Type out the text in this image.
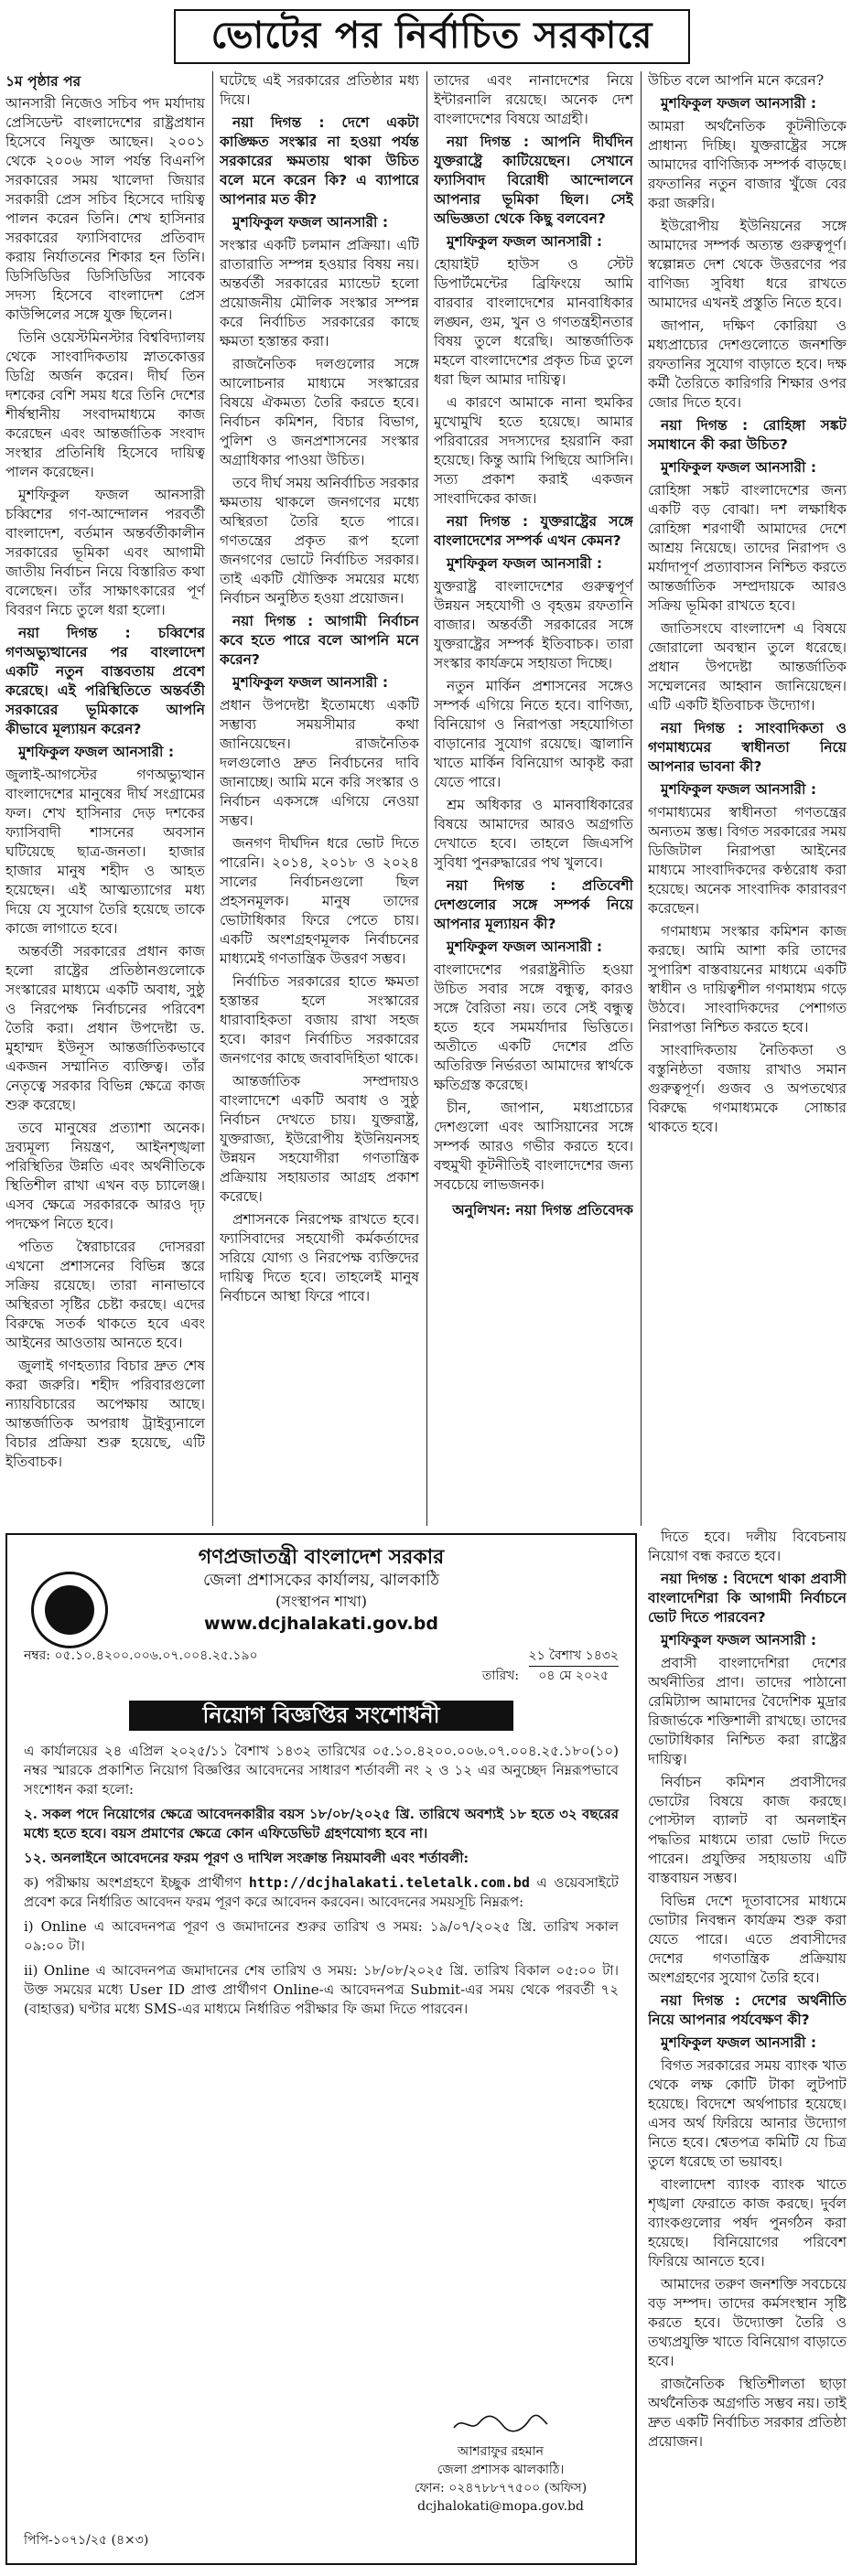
ভোটের পর নির্বাচিত সরকারে

১ম পৃষ্ঠার পর

আনসারী নিজেও সচিব পদ মর্যাদায় প্রেসিডেন্ট বাংলাদেশের রাষ্ট্রপ্রধান হিসেবে নিযুক্ত আছেন। ২০০১ থেকে ২০০৬ সাল পর্যন্ত বিএনপি সরকারের সময় খালেদা জিয়ার সরকারী প্রেস সচিব হিসেবে দায়িত্ব পালন করেন তিনি। শেখ হাসিনার সরকারের ফ্যাসিবাদের প্রতিবাদ করায় নির্যাতনের শিকার হন তিনি। ডিসিডিডির ডিসিডিডির সাবেক সদস্য হিসেবে বাংলাদেশ প্রেস কাউন্সিলের সঙ্গে যুক্ত ছিলেন।

তিনি ওয়েস্টমিনস্টার বিশ্ববিদ্যালয় থেকে সাংবাদিকতায় স্নাতকোত্তর ডিগ্রি অর্জন করেন। দীর্ঘ তিন দশকের বেশি সময় ধরে তিনি দেশের শীর্ষস্থানীয় সংবাদমাধ্যমে কাজ করেছেন এবং আন্তর্জাতিক সংবাদ সংস্থার প্রতিনিধি হিসেবে দায়িত্ব পালন করেছেন।

মুশফিকুল ফজল আনসারী চব্বিশের গণ-আন্দোলন পরবর্তী বাংলাদেশ, বর্তমান অন্তর্বর্তীকালীন সরকারের ভূমিকা এবং আগামী জাতীয় নির্বাচন নিয়ে বিস্তারিত কথা বলেছেন। তাঁর সাক্ষাৎকারের পূর্ণ বিবরণ নিচে তুলে ধরা হলো।

নয়া দিগন্ত : চব্বিশের গণঅভ্যুত্থানের পর বাংলাদেশ একটি নতুন বাস্তবতায় প্রবেশ করেছে। এই পরিস্থিতিতে অন্তর্বর্তী সরকারের ভূমিকাকে আপনি কীভাবে মূল্যায়ন করেন?

মুশফিকুল ফজল আনসারী :

জুলাই-আগস্টের গণঅভ্যুত্থান বাংলাদেশের মানুষের দীর্ঘ সংগ্রামের ফল। শেখ হাসিনার দেড় দশকের ফ্যাসিবাদী শাসনের অবসান ঘটিয়েছে ছাত্র-জনতা। হাজার হাজার মানুষ শহীদ ও আহত হয়েছেন। এই আত্মত্যাগের মধ্য দিয়ে যে সুযোগ তৈরি হয়েছে তাকে কাজে লাগাতে হবে।

অন্তর্বর্তী সরকারের প্রধান কাজ হলো রাষ্ট্রের প্রতিষ্ঠানগুলোকে সংস্কারের মাধ্যমে একটি অবাধ, সুষ্ঠু ও নিরপেক্ষ নির্বাচনের পরিবেশ তৈরি করা। প্রধান উপদেষ্টা ড. মুহাম্মদ ইউনূস আন্তর্জাতিকভাবে একজন সম্মানিত ব্যক্তিত্ব। তাঁর নেতৃত্বে সরকার বিভিন্ন ক্ষেত্রে কাজ শুরু করেছে।

তবে মানুষের প্রত্যাশা অনেক। দ্রব্যমূল্য নিয়ন্ত্রণ, আইনশৃঙ্খলা পরিস্থিতির উন্নতি এবং অর্থনীতিকে স্থিতিশীল রাখা এখন বড় চ্যালেঞ্জ। এসব ক্ষেত্রে সরকারকে আরও দৃঢ় পদক্ষেপ নিতে হবে।

পতিত স্বৈরাচারের দোসররা এখনো প্রশাসনের বিভিন্ন স্তরে সক্রিয় রয়েছে। তারা নানাভাবে অস্থিরতা সৃষ্টির চেষ্টা করছে। এদের বিরুদ্ধে সতর্ক থাকতে হবে এবং আইনের আওতায় আনতে হবে।

জুলাই গণহত্যার বিচার দ্রুত শেষ করা জরুরি। শহীদ পরিবারগুলো ন্যায়বিচারের অপেক্ষায় আছে। আন্তর্জাতিক অপরাধ ট্রাইব্যুনালে বিচার প্রক্রিয়া শুরু হয়েছে, এটি ইতিবাচক।

ঘটেছে এই সরকারের প্রতিষ্ঠার মধ্য দিয়ে।

নয়া দিগন্ত : দেশে একটা কাঙ্ক্ষিত সংস্কার না হওয়া পর্যন্ত সরকারের ক্ষমতায় থাকা উচিত বলে মনে করেন কি? এ ব্যাপারে আপনার মত কী?

মুশফিকুল ফজল আনসারী :

সংস্কার একটি চলমান প্রক্রিয়া। এটি রাতারাতি সম্পন্ন হওয়ার বিষয় নয়। অন্তর্বর্তী সরকারের ম্যান্ডেট হলো প্রয়োজনীয় মৌলিক সংস্কার সম্পন্ন করে নির্বাচিত সরকারের কাছে ক্ষমতা হস্তান্তর করা।

রাজনৈতিক দলগুলোর সঙ্গে আলোচনার মাধ্যমে সংস্কারের বিষয়ে ঐকমত্য তৈরি করতে হবে। নির্বাচন কমিশন, বিচার বিভাগ, পুলিশ ও জনপ্রশাসনের সংস্কার অগ্রাধিকার পাওয়া উচিত।

তবে দীর্ঘ সময় অনির্বাচিত সরকার ক্ষমতায় থাকলে জনগণের মধ্যে অস্থিরতা তৈরি হতে পারে। গণতন্ত্রের প্রকৃত রূপ হলো জনগণের ভোটে নির্বাচিত সরকার। তাই একটি যৌক্তিক সময়ের মধ্যে নির্বাচন অনুষ্ঠিত হওয়া প্রয়োজন।

নয়া দিগন্ত : আগামী নির্বাচন কবে হতে পারে বলে আপনি মনে করেন?

মুশফিকুল ফজল আনসারী :

প্রধান উপদেষ্টা ইতোমধ্যে একটি সম্ভাব্য সময়সীমার কথা জানিয়েছেন। রাজনৈতিক দলগুলোও দ্রুত নির্বাচনের দাবি জানাচ্ছে। আমি মনে করি সংস্কার ও নির্বাচন একসঙ্গে এগিয়ে নেওয়া সম্ভব।

জনগণ দীর্ঘদিন ধরে ভোট দিতে পারেনি। ২০১৪, ২০১৮ ও ২০২৪ সালের নির্বাচনগুলো ছিল প্রহসনমূলক। মানুষ তাদের ভোটাধিকার ফিরে পেতে চায়। একটি অংশগ্রহণমূলক নির্বাচনের মাধ্যমেই গণতান্ত্রিক উত্তরণ সম্ভব।

নির্বাচিত সরকারের হাতে ক্ষমতা হস্তান্তর হলে সংস্কারের ধারাবাহিকতা বজায় রাখা সহজ হবে। কারণ নির্বাচিত সরকারের জনগণের কাছে জবাবদিহিতা থাকে।

আন্তর্জাতিক সম্প্রদায়ও বাংলাদেশে একটি অবাধ ও সুষ্ঠু নির্বাচন দেখতে চায়। যুক্তরাষ্ট্র, যুক্তরাজ্য, ইউরোপীয় ইউনিয়নসহ উন্নয়ন সহযোগীরা গণতান্ত্রিক প্রক্রিয়ায় সহায়তার আগ্রহ প্রকাশ করেছে।

প্রশাসনকে নিরপেক্ষ রাখতে হবে। ফ্যাসিবাদের সহযোগী কর্মকর্তাদের সরিয়ে যোগ্য ও নিরপেক্ষ ব্যক্তিদের দায়িত্ব দিতে হবে। তাহলেই মানুষ নির্বাচনে আস্থা ফিরে পাবে।

তাদের এবং নানাদেশের নিয়ে ইন্টারনালি রয়েছে। অনেক দেশ বাংলাদেশের বিষয়ে আগ্রহী।

নয়া দিগন্ত : আপনি দীর্ঘদিন যুক্তরাষ্ট্রে কাটিয়েছেন। সেখানে ফ্যাসিবাদ বিরোধী আন্দোলনে আপনার ভূমিকা ছিল। সেই অভিজ্ঞতা থেকে কিছু বলবেন?

মুশফিকুল ফজল আনসারী :

হোয়াইট হাউস ও স্টেট ডিপার্টমেন্টের ব্রিফিংয়ে আমি বারবার বাংলাদেশের মানবাধিকার লঙ্ঘন, গুম, খুন ও গণতন্ত্রহীনতার বিষয় তুলে ধরেছি। আন্তর্জাতিক মহলে বাংলাদেশের প্রকৃত চিত্র তুলে ধরা ছিল আমার দায়িত্ব।

এ কারণে আমাকে নানা হুমকির মুখোমুখি হতে হয়েছে। আমার পরিবারের সদস্যদের হয়রানি করা হয়েছে। কিন্তু আমি পিছিয়ে আসিনি। সত্য প্রকাশ করাই একজন সাংবাদিকের কাজ।

নয়া দিগন্ত : যুক্তরাষ্ট্রের সঙ্গে বাংলাদেশের সম্পর্ক এখন কেমন?

মুশফিকুল ফজল আনসারী :

যুক্তরাষ্ট্র বাংলাদেশের গুরুত্বপূর্ণ উন্নয়ন সহযোগী ও বৃহত্তম রফতানি বাজার। অন্তর্বর্তী সরকারের সঙ্গে যুক্তরাষ্ট্রের সম্পর্ক ইতিবাচক। তারা সংস্কার কার্যক্রমে সহায়তা দিচ্ছে।

নতুন মার্কিন প্রশাসনের সঙ্গেও সম্পর্ক এগিয়ে নিতে হবে। বাণিজ্য, বিনিয়োগ ও নিরাপত্তা সহযোগিতা বাড়ানোর সুযোগ রয়েছে। জ্বালানি খাতে মার্কিন বিনিয়োগ আকৃষ্ট করা যেতে পারে।

শ্রম অধিকার ও মানবাধিকারের বিষয়ে আমাদের আরও অগ্রগতি দেখাতে হবে। তাহলে জিএসপি সুবিধা পুনরুদ্ধারের পথ খুলবে।

নয়া দিগন্ত : প্রতিবেশী দেশগুলোর সঙ্গে সম্পর্ক নিয়ে আপনার মূল্যায়ন কী?

মুশফিকুল ফজল আনসারী :

বাংলাদেশের পররাষ্ট্রনীতি হওয়া উচিত সবার সঙ্গে বন্ধুত্ব, কারও সঙ্গে বৈরিতা নয়। তবে সেই বন্ধুত্ব হতে হবে সমমর্যাদার ভিত্তিতে। অতীতে একটি দেশের প্রতি অতিরিক্ত নির্ভরতা আমাদের স্বার্থকে ক্ষতিগ্রস্ত করেছে।

চীন, জাপান, মধ্যপ্রাচ্যের দেশগুলো এবং আসিয়ানের সঙ্গে সম্পর্ক আরও গভীর করতে হবে। বহুমুখী কূটনীতিই বাংলাদেশের জন্য সবচেয়ে লাভজনক।

অনুলিখন: নয়া দিগন্ত প্রতিবেদক

উচিত বলে আপনি মনে করেন?

মুশফিকুল ফজল আনসারী :

আমরা অর্থনৈতিক কূটনীতিকে প্রাধান্য দিচ্ছি। যুক্তরাষ্ট্রের সঙ্গে আমাদের বাণিজ্যিক সম্পর্ক বাড়ছে। রফতানির নতুন বাজার খুঁজে বের করা জরুরি।

ইউরোপীয় ইউনিয়নের সঙ্গে আমাদের সম্পর্ক অত্যন্ত গুরুত্বপূর্ণ। স্বল্পোন্নত দেশ থেকে উত্তরণের পর বাণিজ্য সুবিধা ধরে রাখতে আমাদের এখনই প্রস্তুতি নিতে হবে।

জাপান, দক্ষিণ কোরিয়া ও মধ্যপ্রাচ্যের দেশগুলোতে জনশক্তি রফতানির সুযোগ বাড়াতে হবে। দক্ষ কর্মী তৈরিতে কারিগরি শিক্ষার ওপর জোর দিতে হবে।

নয়া দিগন্ত : রোহিঙ্গা সঙ্কট সমাধানে কী করা উচিত?

মুশফিকুল ফজল আনসারী :

রোহিঙ্গা সঙ্কট বাংলাদেশের জন্য একটি বড় বোঝা। দশ লক্ষাধিক রোহিঙ্গা শরণার্থী আমাদের দেশে আশ্রয় নিয়েছে। তাদের নিরাপদ ও মর্যাদাপূর্ণ প্রত্যাবাসন নিশ্চিত করতে আন্তর্জাতিক সম্প্রদায়কে আরও সক্রিয় ভূমিকা রাখতে হবে।

জাতিসংঘে বাংলাদেশ এ বিষয়ে জোরালো অবস্থান তুলে ধরেছে। প্রধান উপদেষ্টা আন্তর্জাতিক সম্মেলনের আহ্বান জানিয়েছেন। এটি একটি ইতিবাচক উদ্যোগ।

নয়া দিগন্ত : সাংবাদিকতা ও গণমাধ্যমের স্বাধীনতা নিয়ে আপনার ভাবনা কী?

মুশফিকুল ফজল আনসারী :

গণমাধ্যমের স্বাধীনতা গণতন্ত্রের অন্যতম স্তম্ভ। বিগত সরকারের সময় ডিজিটাল নিরাপত্তা আইনের মাধ্যমে সাংবাদিকদের কণ্ঠরোধ করা হয়েছে। অনেক সাংবাদিক কারাবরণ করেছেন।

গণমাধ্যম সংস্কার কমিশন কাজ করছে। আমি আশা করি তাদের সুপারিশ বাস্তবায়নের মাধ্যমে একটি স্বাধীন ও দায়িত্বশীল গণমাধ্যম গড়ে উঠবে। সাংবাদিকদের পেশাগত নিরাপত্তা নিশ্চিত করতে হবে।

সাংবাদিকতায় নৈতিকতা ও বস্তুনিষ্ঠতা বজায় রাখাও সমান গুরুত্বপূর্ণ। গুজব ও অপতথ্যের বিরুদ্ধে গণমাধ্যমকে সোচ্চার থাকতে হবে।

দিতে হবে। দলীয় বিবেচনায় নিয়োগ বন্ধ করতে হবে।

নয়া দিগন্ত : বিদেশে থাকা প্রবাসী বাংলাদেশিরা কি আগামী নির্বাচনে ভোট দিতে পারবেন?

মুশফিকুল ফজল আনসারী :

প্রবাসী বাংলাদেশিরা দেশের অর্থনীতির প্রাণ। তাদের পাঠানো রেমিট্যান্স আমাদের বৈদেশিক মুদ্রার রিজার্ভকে শক্তিশালী রাখছে। তাদের ভোটাধিকার নিশ্চিত করা রাষ্ট্রের দায়িত্ব।

নির্বাচন কমিশন প্রবাসীদের ভোটের বিষয়ে কাজ করছে। পোস্টাল ব্যালট বা অনলাইন পদ্ধতির মাধ্যমে তারা ভোট দিতে পারেন। প্রযুক্তির সহায়তায় এটি বাস্তবায়ন সম্ভব।

বিভিন্ন দেশে দূতাবাসের মাধ্যমে ভোটার নিবন্ধন কার্যক্রম শুরু করা যেতে পারে। এতে প্রবাসীদের দেশের গণতান্ত্রিক প্রক্রিয়ায় অংশগ্রহণের সুযোগ তৈরি হবে।

নয়া দিগন্ত : দেশের অর্থনীতি নিয়ে আপনার পর্যবেক্ষণ কী?

মুশফিকুল ফজল আনসারী :

বিগত সরকারের সময় ব্যাংক খাত থেকে লক্ষ কোটি টাকা লুটপাট হয়েছে। বিদেশে অর্থপাচার হয়েছে। এসব অর্থ ফিরিয়ে আনার উদ্যোগ নিতে হবে। শ্বেতপত্র কমিটি যে চিত্র তুলে ধরেছে তা ভয়াবহ।

বাংলাদেশ ব্যাংক ব্যাংক খাতে শৃঙ্খলা ফেরাতে কাজ করছে। দুর্বল ব্যাংকগুলোর পর্ষদ পুনর্গঠন করা হয়েছে। বিনিয়োগের পরিবেশ ফিরিয়ে আনতে হবে।

আমাদের তরুণ জনশক্তি সবচেয়ে বড় সম্পদ। তাদের কর্মসংস্থান সৃষ্টি করতে হবে। উদ্যোক্তা তৈরি ও তথ্যপ্রযুক্তি খাতে বিনিয়োগ বাড়াতে হবে।

রাজনৈতিক স্থিতিশীলতা ছাড়া অর্থনৈতিক অগ্রগতি সম্ভব নয়। তাই দ্রুত একটি নির্বাচিত সরকার প্রতিষ্ঠা প্রয়োজন।

গণপ্রজাতন্ত্রী বাংলাদেশ সরকার
জেলা প্রশাসকের কার্যালয়, ঝালকাঠি
(সংস্থাপন শাখা)
www.dcjhalakati.gov.bd
নম্বর: ০৫.১০.৪২০০.০০৬.০৭.০০৪.২৫.১৯০
তারিখ: ২১ বৈশাখ ১৪৩২
০৪ মে ২০২৫
নিয়োগ বিজ্ঞপ্তির সংশোধনী

এ কার্যালয়ের ২৪ এপ্রিল ২০২৫/১১ বৈশাখ ১৪৩২ তারিখের ০৫.১০.৪২০০.০০৬.০৭.০০৪.২৫.১৮০(১০) নম্বর স্মারকে প্রকাশিত নিয়োগ বিজ্ঞপ্তির আবেদনের সাধারণ শর্তাবলী নং ২ ও ১২ এর অনুচ্ছেদ নিম্নরূপভাবে সংশোধন করা হলো:

২. সকল পদে নিয়োগের ক্ষেত্রে আবেদনকারীর বয়স ১৮/০৮/২০২৫ খ্রি. তারিখে অবশ্যই ১৮ হতে ৩২ বছরের মধ্যে হতে হবে। বয়স প্রমাণের ক্ষেত্রে কোন এফিডেভিট গ্রহণযোগ্য হবে না।

১২. অনলাইনে আবেদনের ফরম পূরণ ও দাখিল সংক্রান্ত নিয়মাবলী এবং শর্তাবলী:

ক) পরীক্ষায় অংশগ্রহণে ইচ্ছুক প্রার্থীগণ http://dcjhalakati.teletalk.com.bd এ ওয়েবসাইটে প্রবেশ করে নির্ধারিত আবেদন ফরম পূরণ করে আবেদন করবেন। আবেদনের সময়সূচি নিম্নরূপ:

i) Online এ আবেদনপত্র পূরণ ও জমাদানের শুরুর তারিখ ও সময়: ১৯/০৭/২০২৫ খ্রি. তারিখ সকাল ০৯:০০ টা।

ii) Online এ আবেদনপত্র জমাদানের শেষ তারিখ ও সময়: ১৮/০৮/২০২৫ খ্রি. তারিখ বিকাল ০৫:০০ টা। উক্ত সময়ের মধ্যে User ID প্রাপ্ত প্রার্থীগণ Online-এ আবেদনপত্র Submit-এর সময় থেকে পরবর্তী ৭২ (বাহাত্তর) ঘণ্টার মধ্যে SMS-এর মাধ্যমে নির্ধারিত পরীক্ষার ফি জমা দিতে পারবেন।

আশরাফুর রহমান
জেলা প্রশাসক ঝালকাঠি।
ফোন: ০২৪৭৮৮৭৭৫০০ (অফিস)
dcjhalokati@mopa.gov.bd
পিপি-১০৭১/২৫ (৪×৩)
